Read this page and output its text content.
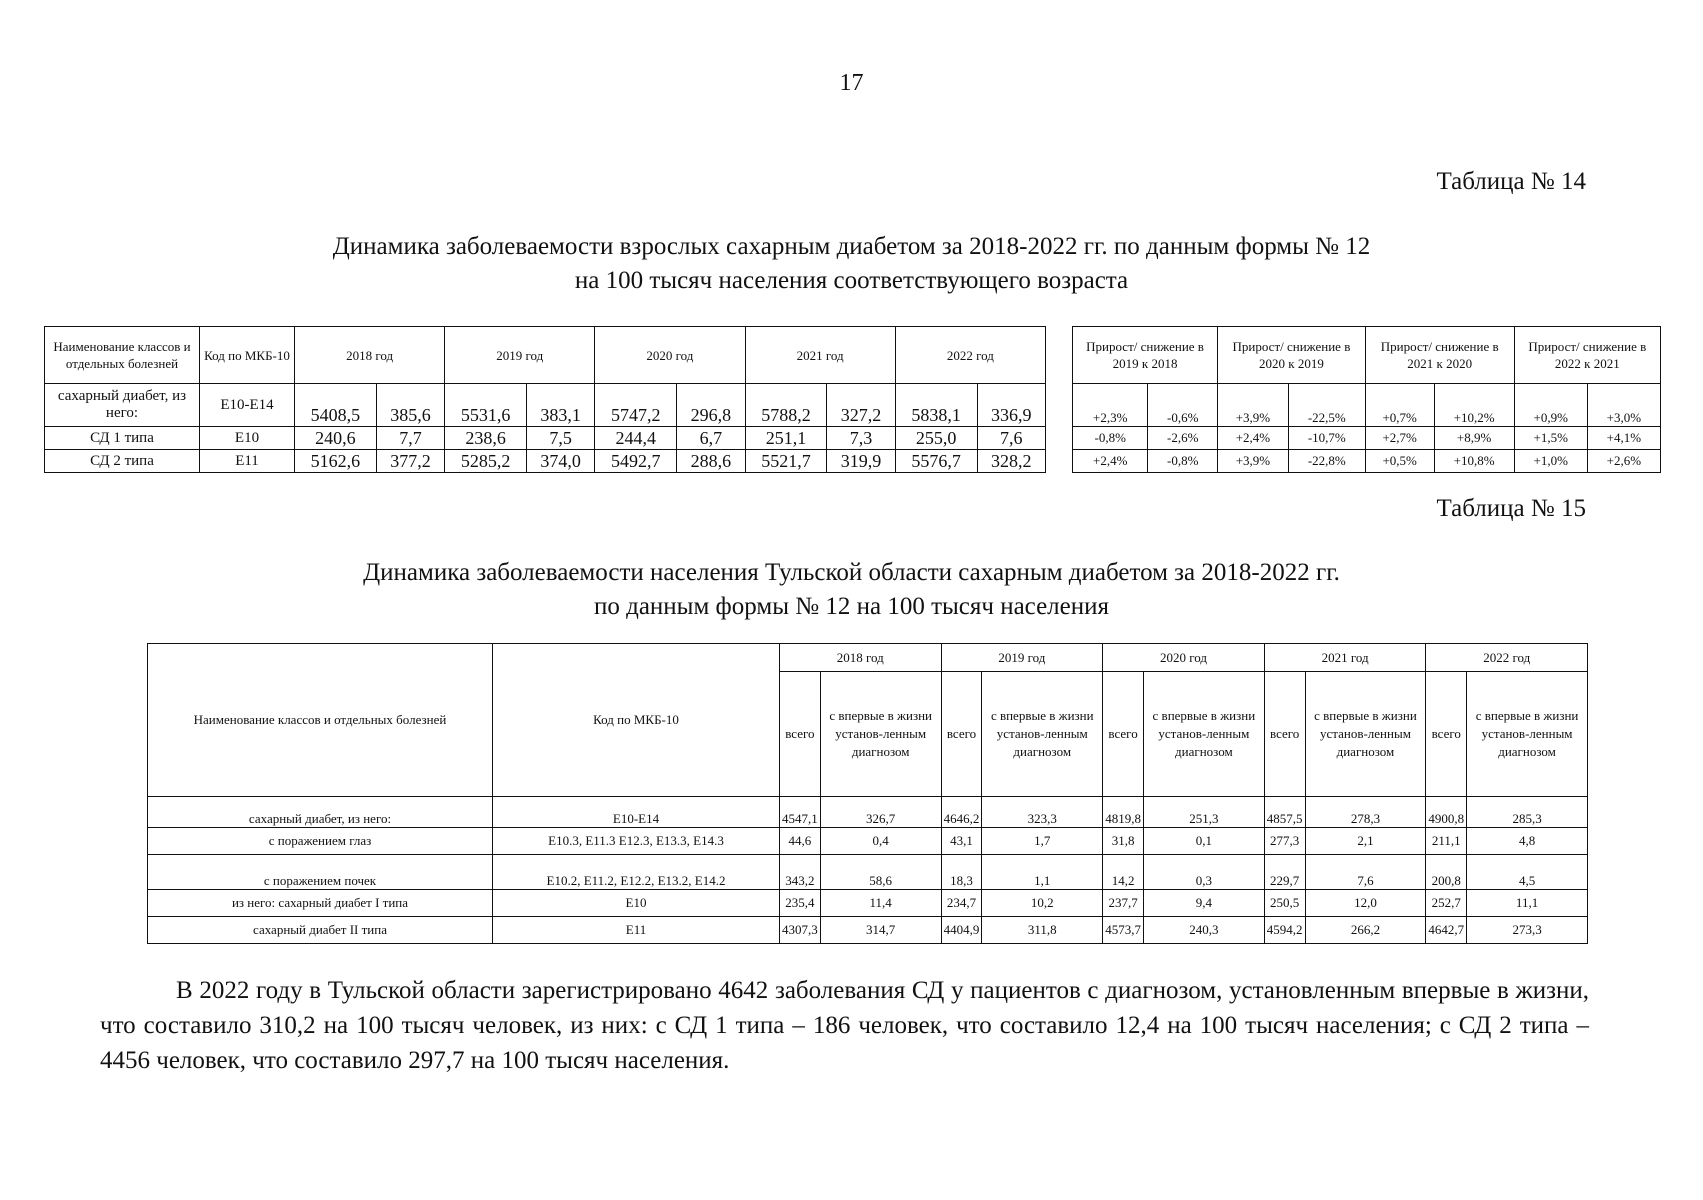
17
Таблица № 14
Динамика заболеваемости взрослых сахарным диабетом за 2018-2022 гг. по данным формы № 12
на 100 тысяч населения соответствующего возраста
Наименование классов и отдельных болезней	Код по МКБ-10	2018 год		2019 год		2020 год		2021 год		2022 год	
сахарный диабет, из него:	E10-E14	5408,5	385,6	5531,6	383,1	5747,2	296,8	5788,2	327,2	5838,1	336,9
СД 1 типа	E10	240,6	7,7	238,6	7,5	244,4	6,7	251,1	7,3	255,0	7,6
СД 2 типа	E11	5162,6	377,2	5285,2	374,0	5492,7	288,6	5521,7	319,9	5576,7	328,2
Прирост/ снижение в 2019 к 2018		Прирост/ снижение в 2020 к 2019		Прирост/ снижение в 2021 к 2020		Прирост/ снижение в 2022 к 2021	
+2,3%	-0,6%	+3,9%	-22,5%	+0,7%	+10,2%	+0,9%	+3,0%
-0,8%	-2,6%	+2,4%	-10,7%	+2,7%	+8,9%	+1,5%	+4,1%
+2,4%	-0,8%	+3,9%	-22,8%	+0,5%	+10,8%	+1,0%	+2,6%
Таблица № 15
Динамика заболеваемости населения Тульской области сахарным диабетом за 2018-2022 гг.
по данным формы № 12 на 100 тысяч населения
Наименование классов и отдельных болезней	Код по МКБ-10	2018 год		2019 год		2020 год		2021 год		2022 год	
		всего	с впервые в жизни установ-ленным диагнозом	всего	с впервые в жизни установ-ленным диагнозом	всего	с впервые в жизни установ-ленным диагнозом	всего	с впервые в жизни установ-ленным диагнозом	всего	с впервые в жизни установ-ленным диагнозом
сахарный диабет, из него:	E10-E14	4547,1	326,7	4646,2	323,3	4819,8	251,3	4857,5	278,3	4900,8	285,3
с поражением глаз	E10.3, E11.3 E12.3, E13.3, E14.3	44,6	0,4	43,1	1,7	31,8	0,1	277,3	2,1	211,1	4,8
с поражением почек	E10.2, E11.2, E12.2, E13.2, E14.2	343,2	58,6	18,3	1,1	14,2	0,3	229,7	7,6	200,8	4,5
из него: сахарный диабет I типа	E10	235,4	11,4	234,7	10,2	237,7	9,4	250,5	12,0	252,7	11,1
сахарный диабет II типа	E11	4307,3	314,7	4404,9	311,8	4573,7	240,3	4594,2	266,2	4642,7	273,3
В 2022 году в Тульской области зарегистрировано 4642 заболевания СД у пациентов с диагнозом, установленным впервые в жизни, что составило 310,2 на 100 тысяч человек, из них: с СД 1 типа – 186 человек, что составило 12,4 на 100 тысяч населения; с СД 2 типа – 4456 человек, что составило 297,7 на 100 тысяч населения.
